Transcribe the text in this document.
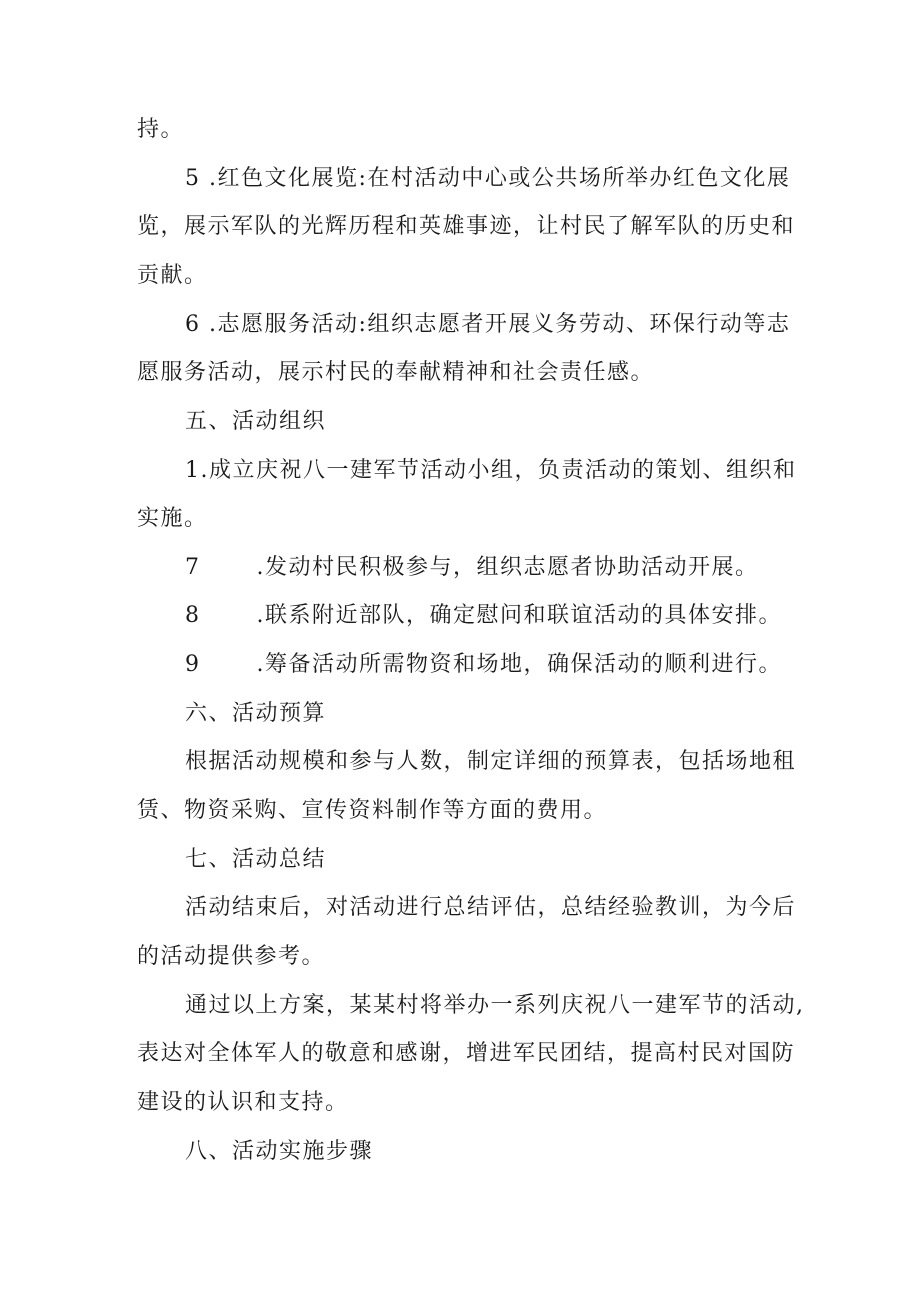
持。
5 .红色文化展览:在村活动中心或公共场所举办红色文化展
览，展示军队的光辉历程和英雄事迹，让村民了解军队的历史和
贡献。
6 .志愿服务活动:组织志愿者开展义务劳动、环保行动等志
愿服务活动，展示村民的奉献精神和社会责任感。
五、活动组织
1.成立庆祝八一建军节活动小组，负责活动的策划、组织和
实施。
7	.发动村民积极参与，组织志愿者协助活动开展。
8	.联系附近部队，确定慰问和联谊活动的具体安排。
9	.筹备活动所需物资和场地，确保活动的顺利进行。
六、活动预算
根据活动规模和参与人数，制定详细的预算表，包括场地租
赁、物资采购、宣传资料制作等方面的费用。
七、活动总结
活动结束后，对活动进行总结评估，总结经验教训，为今后
的活动提供参考。
通过以上方案，某某村将举办一系列庆祝八一建军节的活动,
表达对全体军人的敬意和感谢，增进军民团结，提高村民对国防
建设的认识和支持。
八、活动实施步骤
